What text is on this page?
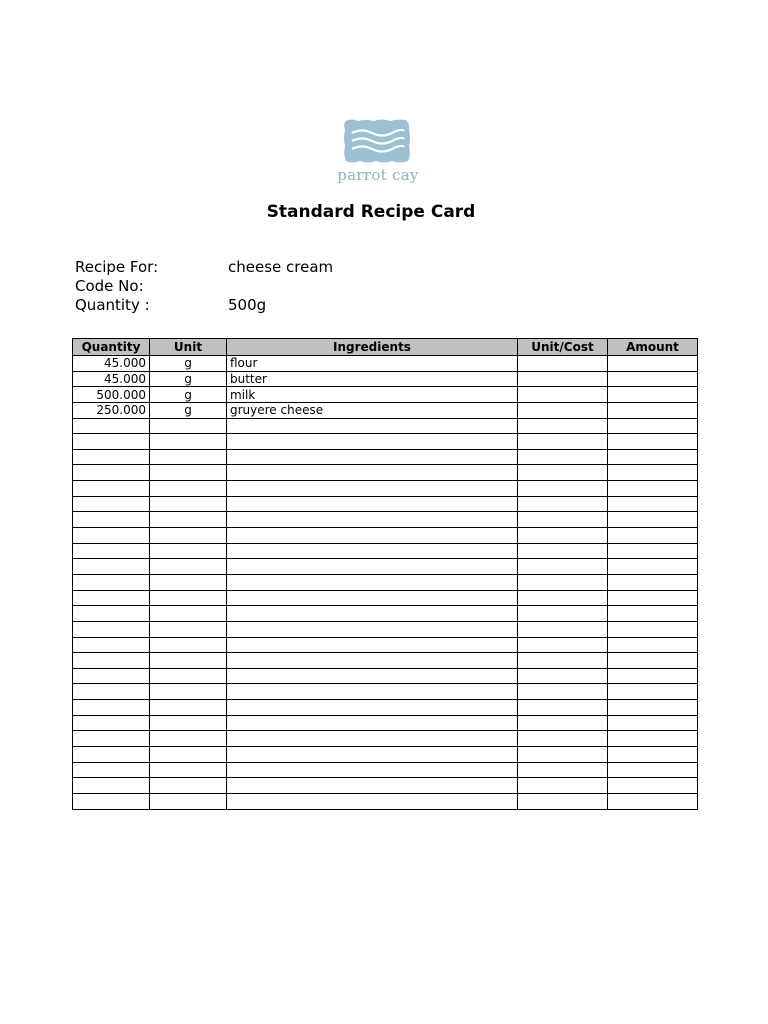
parrot cay
Standard Recipe Card
Recipe For:	cheese cream
Code No:
Quantity :	500g
Quantity	Unit	Ingredients	Unit/Cost	Amount
45.000	g	flour		
45.000	g	butter		
500.000	g	milk		
250.000	g	gruyere cheese		
